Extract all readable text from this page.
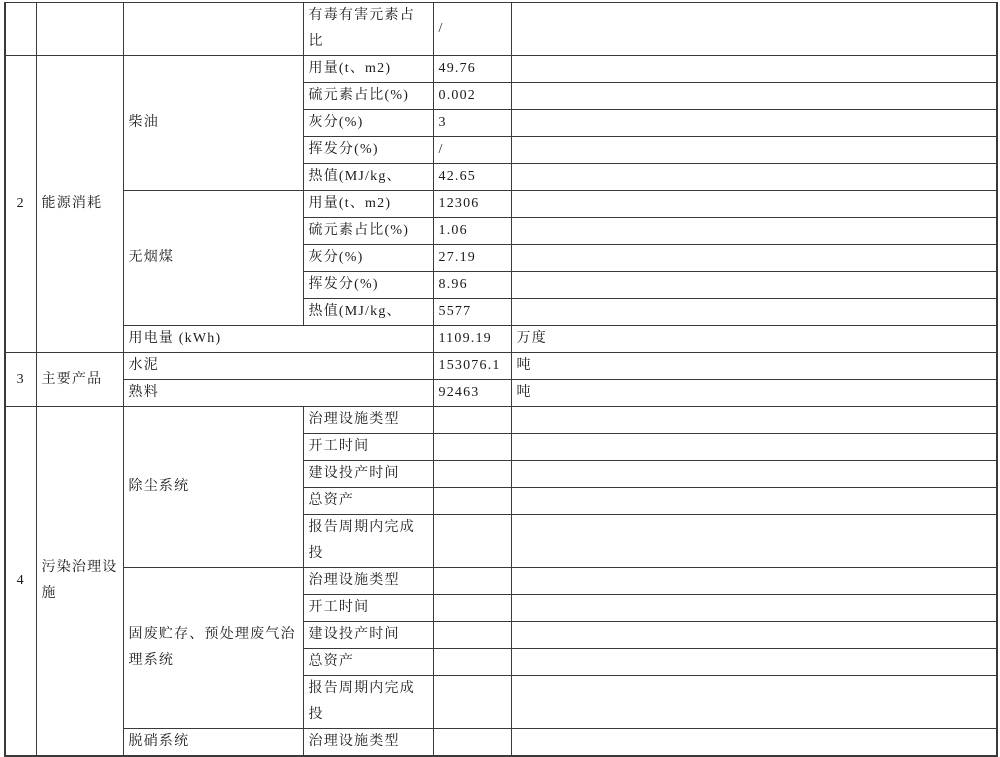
			有毒有害元素占比	/	
2	能源消耗	柴油	用量(t、m2)	49.76	
			硫元素占比(%)	0.002	
			灰分(%)	3	
			挥发分(%)	/	
			热值(MJ/kg、	42.65	
		无烟煤	用量(t、m2)	12306	
			硫元素占比(%)	1.06	
			灰分(%)	27.19	
			挥发分(%)	8.96	
			热值(MJ/kg、	5577	
		用电量 (kWh)		1109.19	万度
3	主要产品	水泥		153076.1	吨
		熟料		92463	吨
4	污染治理设施	除尘系统	治理设施类型		
			开工时间		
			建设投产时间		
			总资产		
			报告周期内完成投		
		固废贮存、预处理废气治理系统	治理设施类型		
			开工时间		
			建设投产时间		
			总资产		
			报告周期内完成投		
		脱硝系统	治理设施类型		
